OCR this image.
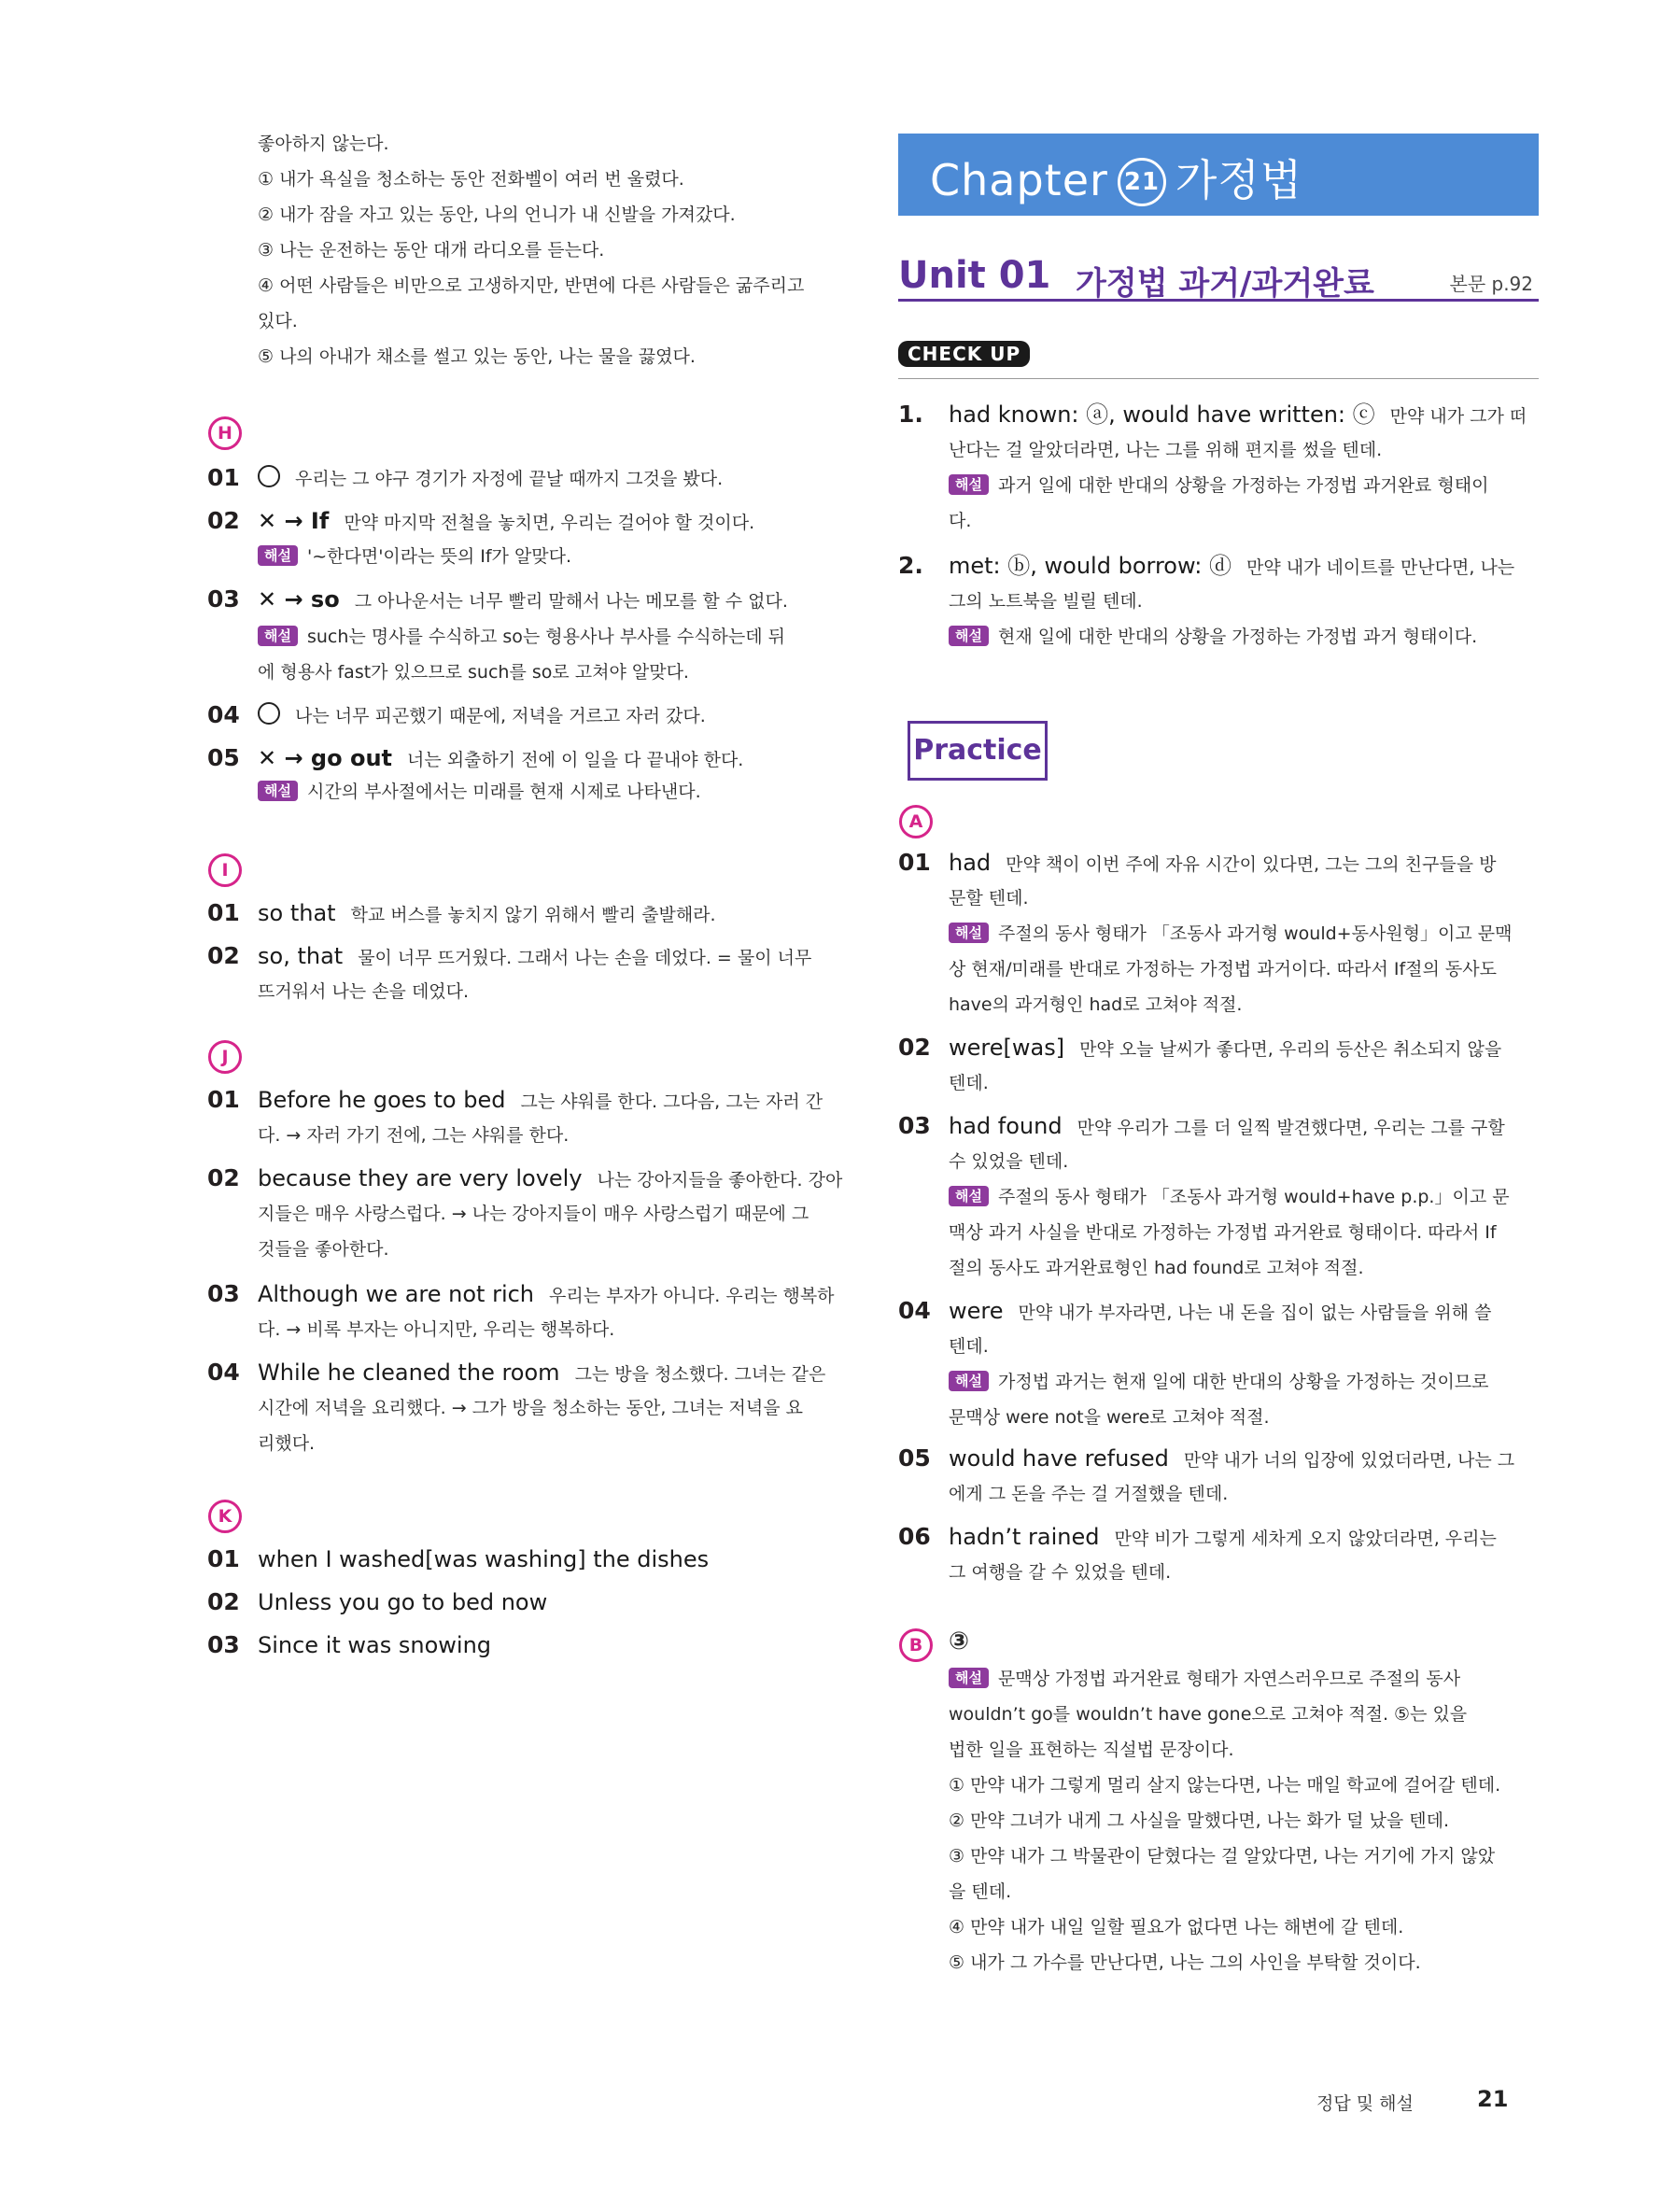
좋아하지 않는다.
① 내가 욕실을 청소하는 동안 전화벨이 여러 번 울렸다.
② 내가 잠을 자고 있는 동안, 나의 언니가 내 신발을 가져갔다.
③ 나는 운전하는 동안 대개 라디오를 듣는다.
④ 어떤 사람들은 비만으로 고생하지만, 반면에 다른 사람들은 굶주리고
있다.
⑤ 나의 아내가 채소를 썰고 있는 동안, 나는 물을 끓였다.
H
01	우리는 그 야구 경기가 자정에 끝날 때까지 그것을 봤다.
02 ✕ → If 만약 마지막 전철을 놓치면, 우리는 걸어야 할 것이다.
해설 '~한다면'이라는 뜻의 If가 알맞다.
03 ✕ → so 그 아나운서는 너무 빨리 말해서 나는 메모를 할 수 없다.
해설 such는 명사를 수식하고 so는 형용사나 부사를 수식하는데 뒤
에 형용사 fast가 있으므로 such를 so로 고쳐야 알맞다.
04	나는 너무 피곤했기 때문에, 저녁을 거르고 자러 갔다.
05 ✕ → go out 너는 외출하기 전에 이 일을 다 끝내야 한다.
해설 시간의 부사절에서는 미래를 현재 시제로 나타낸다.
I
01 so that 학교 버스를 놓치지 않기 위해서 빨리 출발해라.
02 so, that 물이 너무 뜨거웠다. 그래서 나는 손을 데었다. = 물이 너무
뜨거워서 나는 손을 데었다.
J
01 Before he goes to bed 그는 샤워를 한다. 그다음, 그는 자러 간
다. → 자러 가기 전에, 그는 샤워를 한다.
02 because they are very lovely 나는 강아지들을 좋아한다. 강아
지들은 매우 사랑스럽다. → 나는 강아지들이 매우 사랑스럽기 때문에 그
것들을 좋아한다.
03 Although we are not rich 우리는 부자가 아니다. 우리는 행복하
다. → 비록 부자는 아니지만, 우리는 행복하다.
04 While he cleaned the room 그는 방을 청소했다. 그녀는 같은
시간에 저녁을 요리했다. → 그가 방을 청소하는 동안, 그녀는 저녁을 요
리했다.
K
01 when I washed[was washing] the dishes
02 Unless you go to bed now
03 Since it was snowing
Chapter 21 가정법
Unit 01 가정법 과거/과거완료	본문 p.92
CHECK UP
1. had known: ⓐ, would have written: ⓒ 만약 내가 그가 떠
난다는 걸 알았더라면, 나는 그를 위해 편지를 썼을 텐데.
해설 과거 일에 대한 반대의 상황을 가정하는 가정법 과거완료 형태이
다.
2. met: ⓑ, would borrow: ⓓ 만약 내가 네이트를 만난다면, 나는
그의 노트북을 빌릴 텐데.
해설 현재 일에 대한 반대의 상황을 가정하는 가정법 과거 형태이다.
A
01 had 만약 책이 이번 주에 자유 시간이 있다면, 그는 그의 친구들을 방
문할 텐데.
해설 주절의 동사 형태가 「조동사 과거형 would+동사원형」이고 문맥
상 현재/미래를 반대로 가정하는 가정법 과거이다. 따라서 If절의 동사도
have의 과거형인 had로 고쳐야 적절.
02 were[was] 만약 오늘 날씨가 좋다면, 우리의 등산은 취소되지 않을
텐데.
03 had found 만약 우리가 그를 더 일찍 발견했다면, 우리는 그를 구할
수 있었을 텐데.
해설 주절의 동사 형태가 「조동사 과거형 would+have p.p.」이고 문
맥상 과거 사실을 반대로 가정하는 가정법 과거완료 형태이다. 따라서 If
절의 동사도 과거완료형인 had found로 고쳐야 적절.
04 were 만약 내가 부자라면, 나는 내 돈을 집이 없는 사람들을 위해 쓸
텐데.
해설 가정법 과거는 현재 일에 대한 반대의 상황을 가정하는 것이므로
문맥상 were not을 were로 고쳐야 적절.
05 would have refused 만약 내가 너의 입장에 있었더라면, 나는 그
에게 그 돈을 주는 걸 거절했을 텐데.
06 hadn’t rained 만약 비가 그렇게 세차게 오지 않았더라면, 우리는
그 여행을 갈 수 있었을 텐데.
B	③
해설 문맥상 가정법 과거완료 형태가 자연스러우므로 주절의 동사
wouldn’t go를 wouldn’t have gone으로 고쳐야 적절. ⑤는 있을
법한 일을 표현하는 직설법 문장이다.
① 만약 내가 그렇게 멀리 살지 않는다면, 나는 매일 학교에 걸어갈 텐데.
② 만약 그녀가 내게 그 사실을 말했다면, 나는 화가 덜 났을 텐데.
③ 만약 내가 그 박물관이 닫혔다는 걸 알았다면, 나는 거기에 가지 않았
을 텐데.
④ 만약 내가 내일 일할 필요가 없다면 나는 해변에 갈 텐데.
⑤ 내가 그 가수를 만난다면, 나는 그의 사인을 부탁할 것이다.
Practice
정답 및 해설	21
